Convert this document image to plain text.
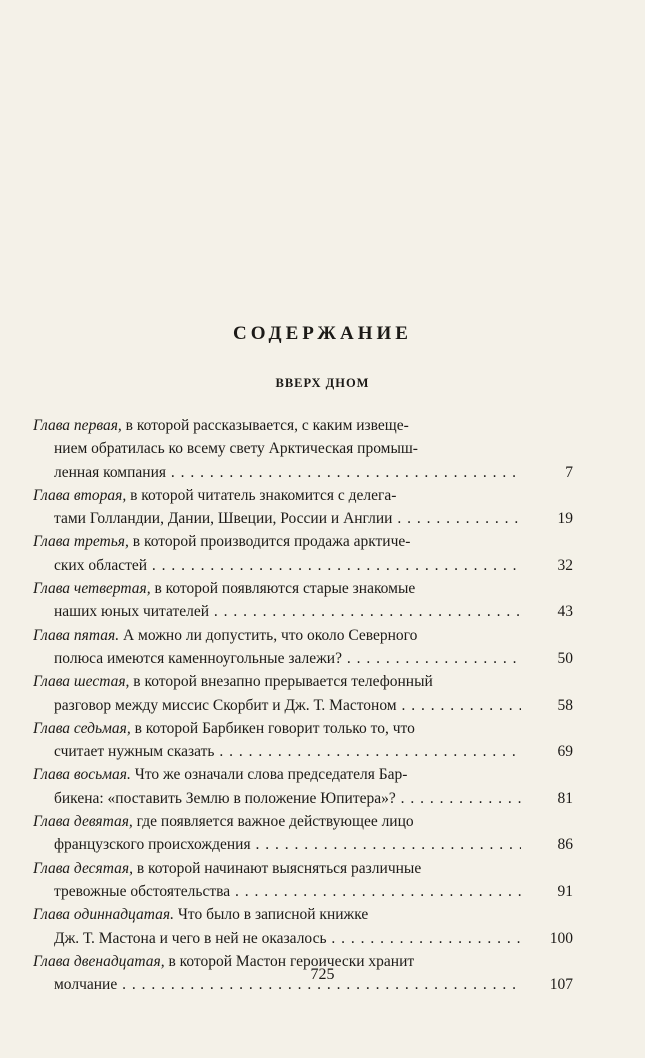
СОДЕРЖАНИЕ
ВВЕРХ ДНОМ
Глава первая, в которой рассказывается, с каким извеще-
нием обратилась ко всему свету Арктическая промыш-
ленная компания . . .	7
Глава вторая, в которой читатель знакомится с делега-
тами Голландии, Дании, Швеции, России и Англии . . .	19
Глава третья, в которой производится продажа арктиче-
ских областей . . .	32
Глава четвертая, в которой появляются старые знакомые
наших юных читателей . . .	43
Глава пятая. А можно ли допустить, что около Северного
полюса имеются каменноугольные залежи? . . .	50
Глава шестая, в которой внезапно прерывается телефонный
разговор между миссис Скорбит и Дж. Т. Мастоном . . .	58
Глава седьмая, в которой Барбикен говорит только то, что
считает нужным сказать . . .	69
Глава восьмая. Что же означали слова председателя Бар-
бикена: «поставить Землю в положение Юпитера»? . . .	81
Глава девятая, где появляется важное действующее лицо
французского происхождения . . .	86
Глава десятая, в которой начинают выясняться различные
тревожные обстоятельства . . .	91
Глава одиннадцатая. Что было в записной книжке
Дж. Т. Мастона и чего в ней не оказалось . . .	100
Глава двенадцатая, в которой Мастон героически хранит
молчание . . .	107
725
